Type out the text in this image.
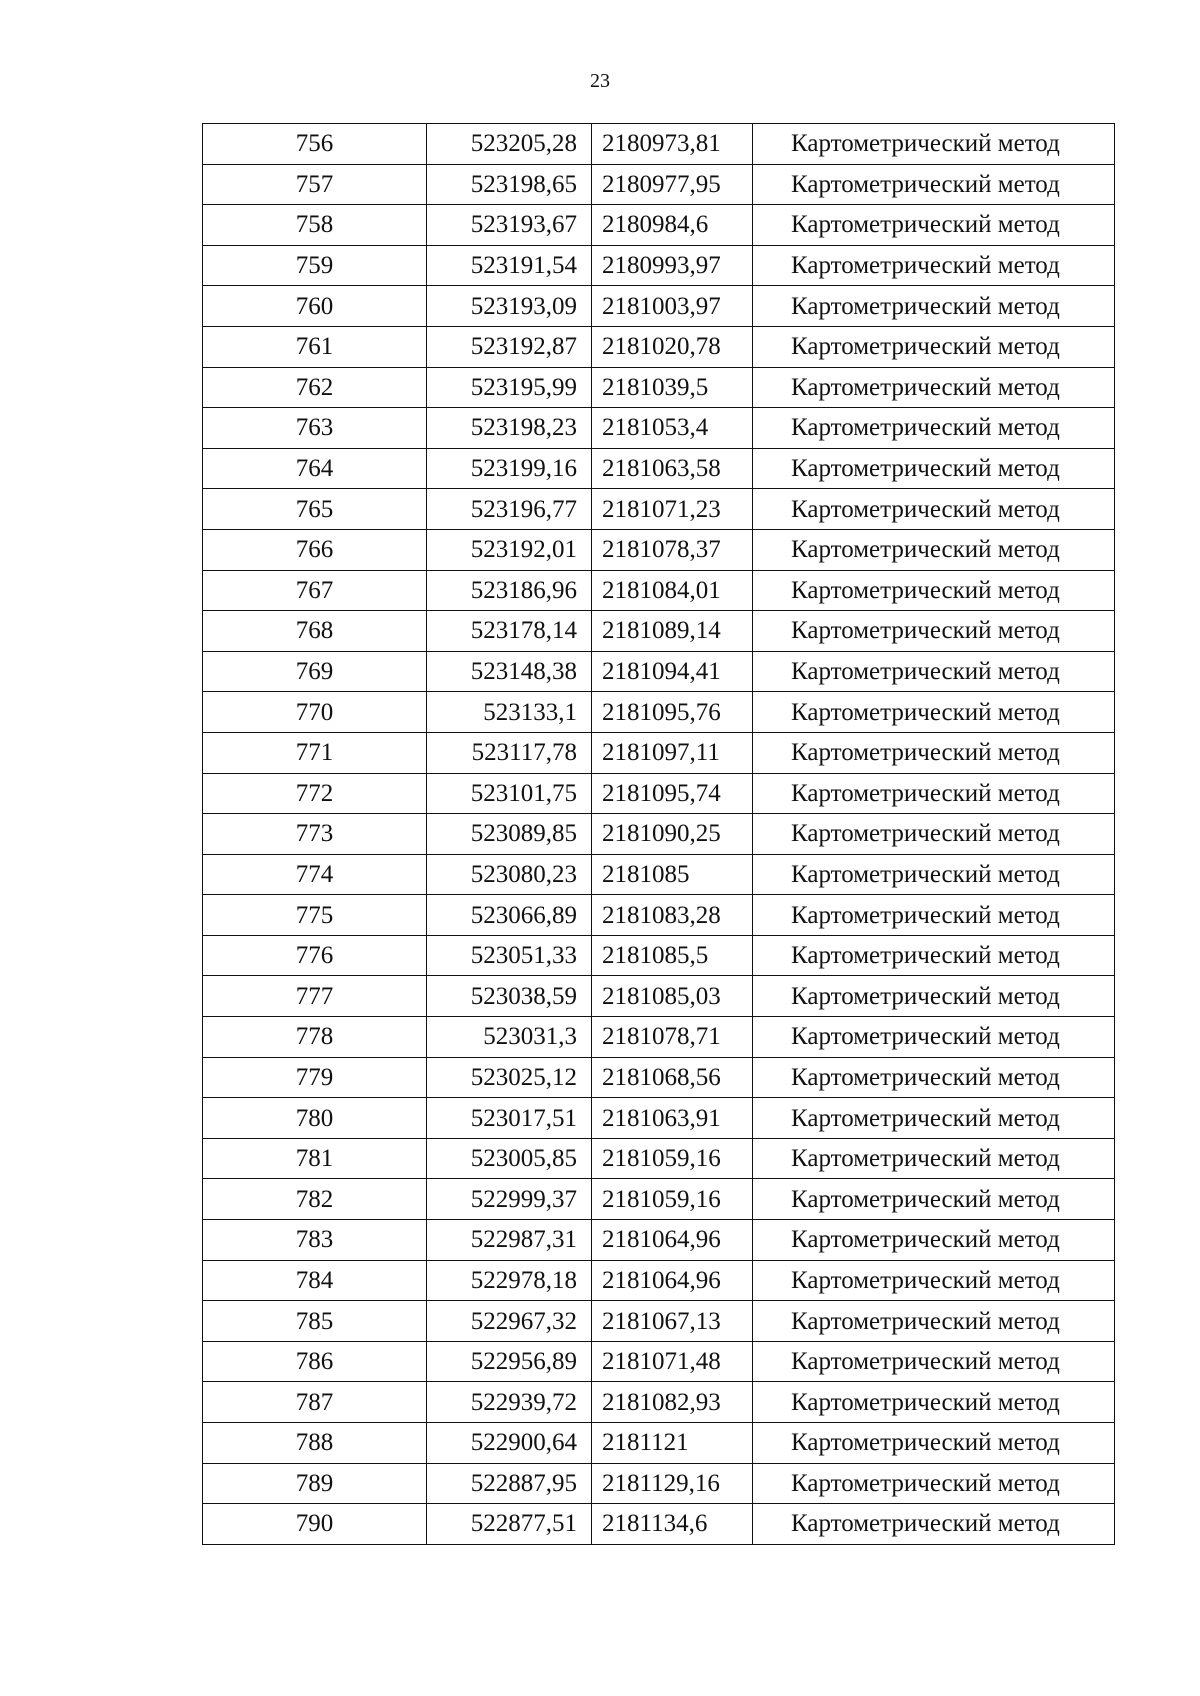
23
756	523205,28	2180973,81	Картометрический метод
757	523198,65	2180977,95	Картометрический метод
758	523193,67	2180984,6	Картометрический метод
759	523191,54	2180993,97	Картометрический метод
760	523193,09	2181003,97	Картометрический метод
761	523192,87	2181020,78	Картометрический метод
762	523195,99	2181039,5	Картометрический метод
763	523198,23	2181053,4	Картометрический метод
764	523199,16	2181063,58	Картометрический метод
765	523196,77	2181071,23	Картометрический метод
766	523192,01	2181078,37	Картометрический метод
767	523186,96	2181084,01	Картометрический метод
768	523178,14	2181089,14	Картометрический метод
769	523148,38	2181094,41	Картометрический метод
770	523133,1	2181095,76	Картометрический метод
771	523117,78	2181097,11	Картометрический метод
772	523101,75	2181095,74	Картометрический метод
773	523089,85	2181090,25	Картометрический метод
774	523080,23	2181085	Картометрический метод
775	523066,89	2181083,28	Картометрический метод
776	523051,33	2181085,5	Картометрический метод
777	523038,59	2181085,03	Картометрический метод
778	523031,3	2181078,71	Картометрический метод
779	523025,12	2181068,56	Картометрический метод
780	523017,51	2181063,91	Картометрический метод
781	523005,85	2181059,16	Картометрический метод
782	522999,37	2181059,16	Картометрический метод
783	522987,31	2181064,96	Картометрический метод
784	522978,18	2181064,96	Картометрический метод
785	522967,32	2181067,13	Картометрический метод
786	522956,89	2181071,48	Картометрический метод
787	522939,72	2181082,93	Картометрический метод
788	522900,64	2181121	Картометрический метод
789	522887,95	2181129,16	Картометрический метод
790	522877,51	2181134,6	Картометрический метод
